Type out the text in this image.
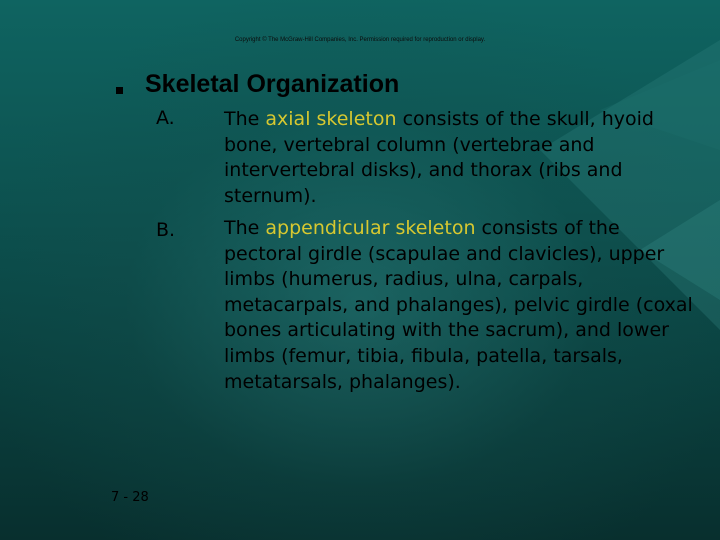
Copyright © The McGraw-Hill Companies, Inc. Permission required for reproduction or display.
Skeletal Organization
A.	The axial skeleton consists of the skull, hyoid bone, vertebral column (vertebrae and intervertebral disks), and thorax (ribs and sternum).
B.	The appendicular skeleton consists of the pectoral girdle (scapulae and clavicles), upper limbs (humerus, radius, ulna, carpals, metacarpals, and phalanges), pelvic girdle (coxal bones articulating with the sacrum), and lower limbs (femur, tibia, fibula, patella, tarsals, metatarsals, phalanges).
7 - 28
